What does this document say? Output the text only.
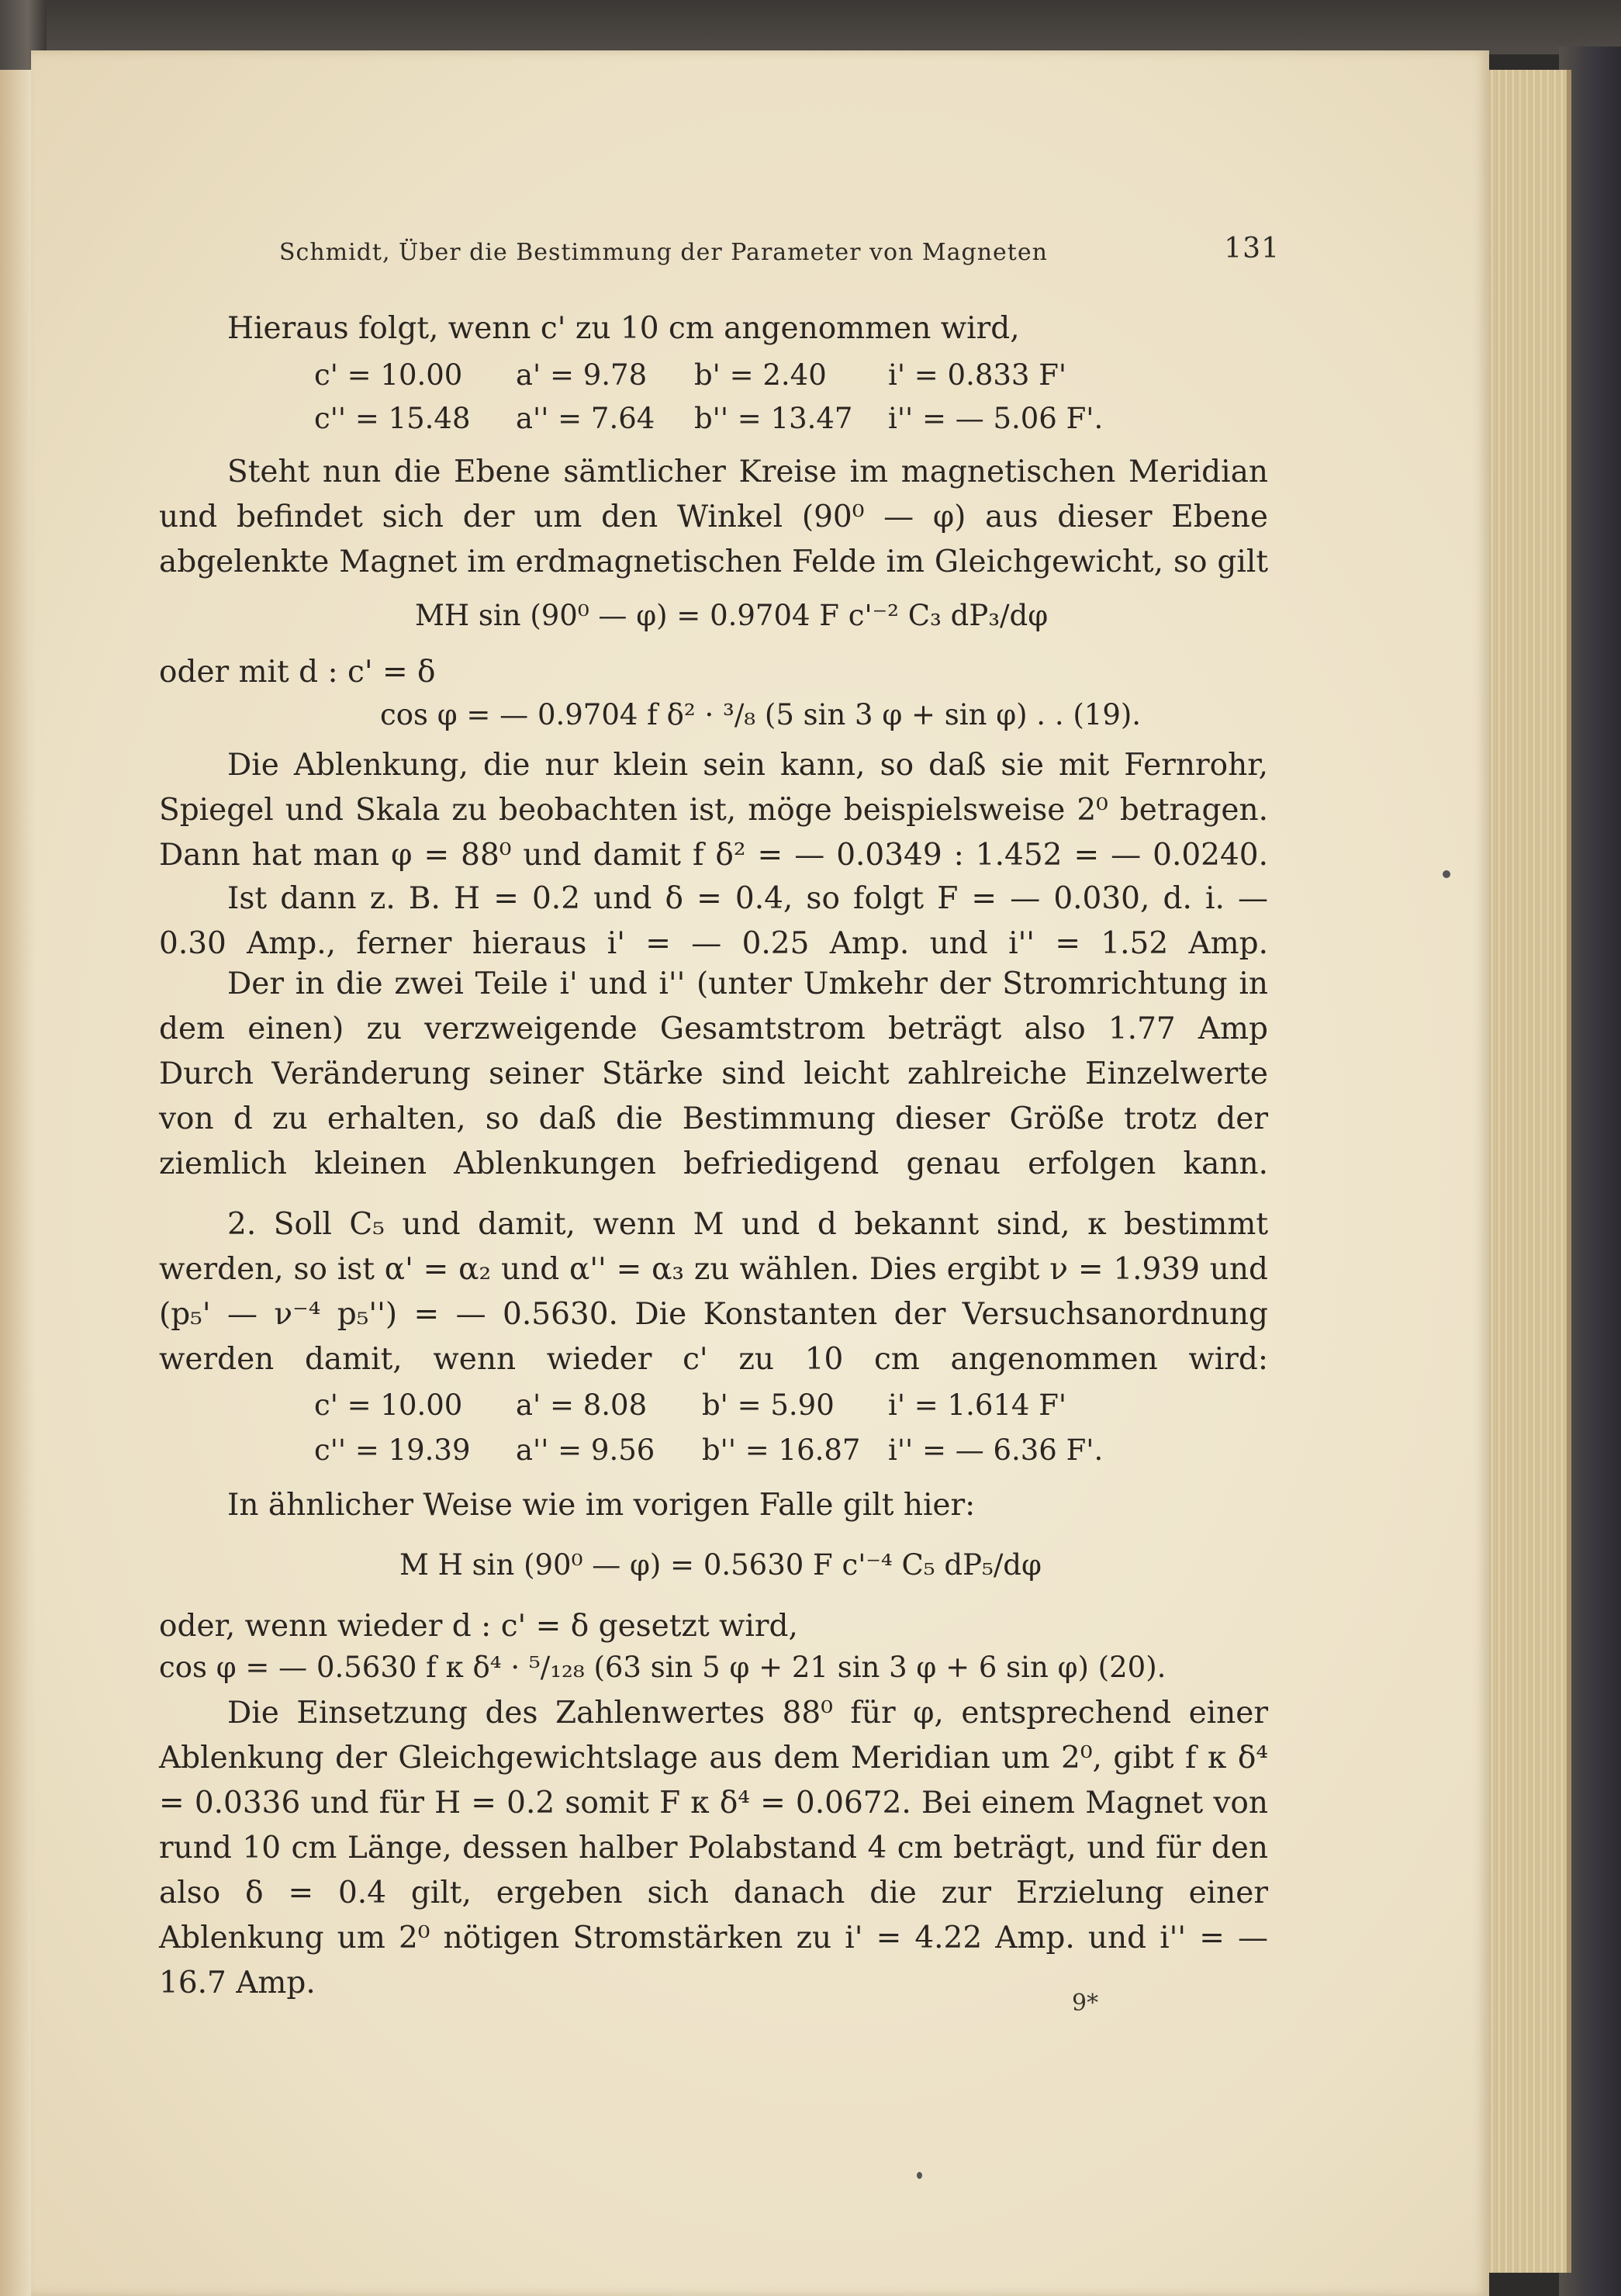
Schmidt, Über die Bestimmung der Parameter von Magneten	131
Hieraus folgt, wenn c' zu 10 cm angenommen wird,
c' = 10.00 a' = 9.78 b' = 2.40 i' = 0.833 F'
c'' = 15.48 a'' = 7.64 b'' = 13.47 i'' = — 5.06 F'.
Steht nun die Ebene sämtlicher Kreise im magnetischen Meridian und befindet sich der um den Winkel (90⁰ — φ) aus dieser Ebene abgelenkte Magnet im erdmagnetischen Felde im Gleichgewicht, so gilt
MH sin (90⁰ — φ) = 0.9704 F c'⁻² C₃ dP₃/dφ
oder mit d : c' = δ
cos φ = — 0.9704 f δ² · ³/₈ (5 sin 3 φ + sin φ) . . (19).
Die Ablenkung, die nur klein sein kann, so daß sie mit Fernrohr, Spiegel und Skala zu beobachten ist, möge beispielsweise 2⁰ betragen. Dann hat man φ = 88⁰ und damit f δ² = — 0.0349 : 1.452 = — 0.0240.
Ist dann z. B. H = 0.2 und δ = 0.4, so folgt F = — 0.030, d. i. — 0.30 Amp., ferner hieraus i' = — 0.25 Amp. und i'' = 1.52 Amp.
Der in die zwei Teile i' und i'' (unter Umkehr der Stromrichtung in dem einen) zu verzweigende Gesamtstrom beträgt also 1.77 Amp Durch Veränderung seiner Stärke sind leicht zahlreiche Einzelwerte von d zu erhalten, so daß die Bestimmung dieser Größe trotz der ziemlich kleinen Ablenkungen befriedigend genau erfolgen kann.
2. Soll C₅ und damit, wenn M und d bekannt sind, κ bestimmt werden, so ist α' = α₂ und α'' = α₃ zu wählen. Dies ergibt ν = 1.939 und (p₅' — ν⁻⁴ p₅'') = — 0.5630. Die Konstanten der Versuchsanordnung werden damit, wenn wieder c' zu 10 cm angenommen wird:
c' = 10.00 a' = 8.08 b' = 5.90 i' = 1.614 F'
c'' = 19.39 a'' = 9.56 b'' = 16.87 i'' = — 6.36 F'.
In ähnlicher Weise wie im vorigen Falle gilt hier:
M H sin (90⁰ — φ) = 0.5630 F c'⁻⁴ C₅ dP₅/dφ
oder, wenn wieder d : c' = δ gesetzt wird,
cos φ = — 0.5630 f κ δ⁴ · ⁵/₁₂₈ (63 sin 5 φ + 21 sin 3 φ + 6 sin φ) (20).
Die Einsetzung des Zahlenwertes 88⁰ für φ, entsprechend einer Ablenkung der Gleichgewichtslage aus dem Meridian um 2⁰, gibt f κ δ⁴ = 0.0336 und für H = 0.2 somit F κ δ⁴ = 0.0672. Bei einem Magnet von rund 10 cm Länge, dessen halber Polabstand 4 cm beträgt, und für den also δ = 0.4 gilt, ergeben sich danach die zur Erzielung einer Ablenkung um 2⁰ nötigen Stromstärken zu i' = 4.22 Amp. und i'' = — 16.7 Amp.
9*
